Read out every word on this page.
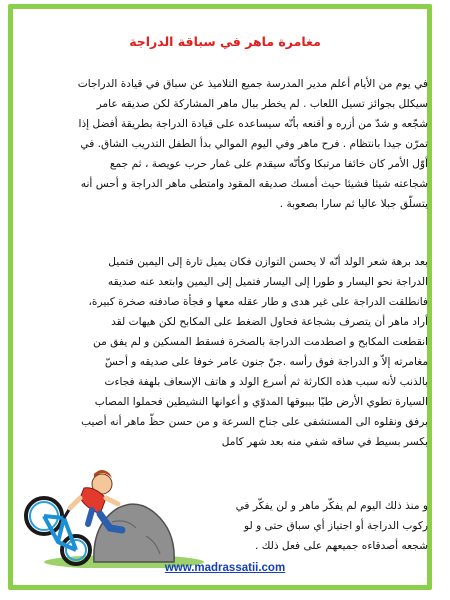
مغامرة ماهر في سباقة الدراجة
في يوم من الأيام أعلم مدير المدرسة جميع التلاميذ عن سباق في قيادة الدراجات
سيكلل بجوائز تسيل اللعاب . لم يخطر ببال ماهر المشاركة لكن صديقه عامر
شجّعه و شدّ من أزره و أقنعه بأنّه سيساعده على قيادة الدراجة بطريقة أفضل إذا
تمرّن جيدا بانتظام . فرح ماهر وفي اليوم الموالي بدأ الطفل التدريب الشاق. في
أوّل الأمر كان خائفا مرتبكا وكأنّه سيقدم على غمار حرب عويصة ، ثم جمع
شجاعته شيئا فشيئا حيث أمسك صديقه المقود وامتطى ماهر الدراجة و أحس أنه
يتسلّق جبلا عاليا ثم سارا بصعوبة .
بعد برهة شعر الولد أنّه لا يحسن التوازن فكان يميل تارة إلى اليمين فتميل
الدراجة نحو اليسار و طورا إلى اليسار فتميل إلى اليمين وابتعد عنه صديقه
فانطلقت الدراجة على غير هدى و طار عقله معها و فجأة صادفته صخرة كبيرة،
أراد ماهر أن يتصرف بشجاعة فحاول الضغط على المكابح لكن هيهات لقد
انقطعت المكابح و اصطدمت الدراجة بالصخرة فسقط المسكين و لم يفق من
مغامرته إلاّ و الدراجة فوق رأسه .جنّ جنون عامر خوفا على صديقه و أحسّ
بالذنب لأنه سبب هذه الكارثة ثم أسرع الولد و هاتف الإسعاف بلهفة فجاءت
السيارة تطوي الأرض طيّا بيبوقها المدوّي و أعوانها النشيطين فحملوا المصاب
برفق ونقلوه الى المستشفى على جناح السرعة و من حسن حظّ ماهر أنه أصيب
بكسر بسيط في ساقه شفي منه بعد شهر كامل
و منذ ذلك اليوم لم يفكّر ماهر و لن يفكّر في
ركوب الدراجة أو اجتياز أي سباق حتى و لو
شجعه أصدقاءه جميعهم على فعل ذلك .
www.madrassatii.com
